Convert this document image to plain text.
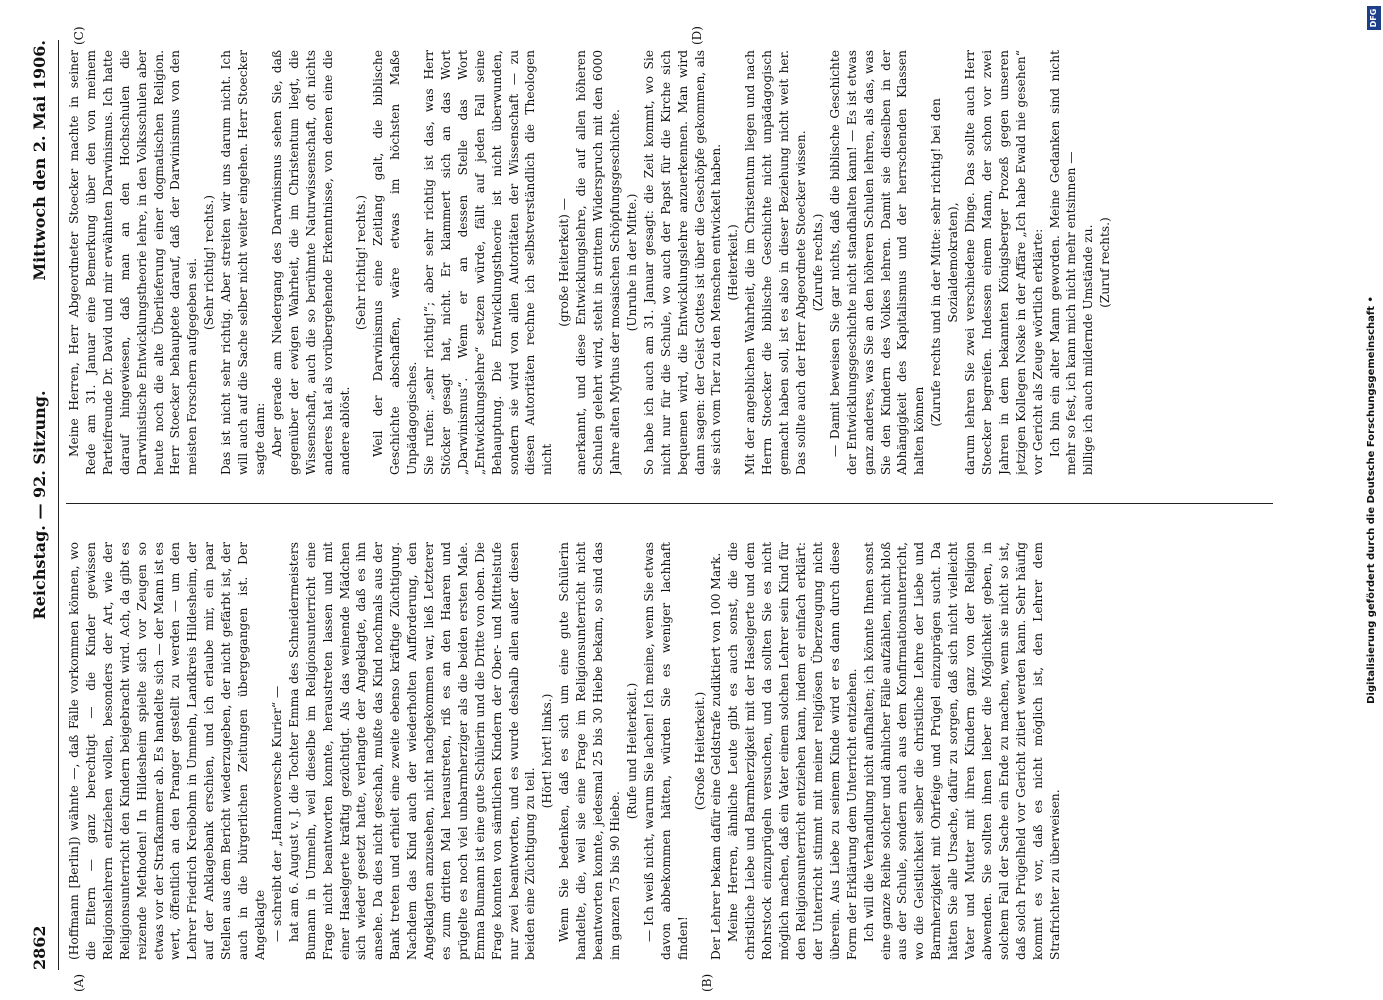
2862
Reichstag. — 92. Sitzung.
Mittwoch den 2. Mai 1906.
(A)	(B)
(C)	(D)

(Hoffmann [Berlin]) wähnte —, daß Fälle vorkommen können, wo die Eltern — ganz berechtigt — die Kinder gewissen Religionslehrern entziehen wollen, besonders der Art, wie der Religionsunterricht den Kindern beigebracht wird. Ach, da gibt es reizende Methoden! In Hildesheim spielte sich vor Zeugen so etwas vor der Strafkammer ab. Es handelte sich — der Mann ist es wert, öffentlich an den Pranger gestellt zu werden — um den Lehrer Friedrich Kreibohm in Ummeln, Landkreis Hildesheim, der auf der Anklagebank erschien, und ich erlaube mir, ein paar Stellen aus dem Bericht wiederzugeben, der nicht gefärbt ist, der auch in die bürgerlichen Zeitungen übergegangen ist. Der Angeklagte — schreibt der „Hannoversche Kurier“ — hat am 6. August v. J. die Tochter Emma des Schneidermeisters Bumann in Ummeln, weil dieselbe im Religionsunterricht eine Frage nicht beantworten konnte, heraustreten lassen und mit einer Haselgerte kräftig gezüchtigt. Als das weinende Mädchen sich wieder gesetzt hatte, verlangte der Angeklagte, daß es ihn ansehe. Da dies nicht geschah, mußte das Kind nochmals aus der Bank treten und erhielt eine zweite ebenso kräftige Züchtigung. Nachdem das Kind auch der wiederholten Aufforderung, den Angeklagten anzusehen, nicht nachgekommen war, ließ Letzterer es zum dritten Mal heraustreten, riß es an den Haaren und prügelte es noch viel unbarmherziger als die beiden ersten Male. Emma Bumann ist eine gute Schülerin und die Dritte von oben. Die Frage konnten von sämtlichen Kindern der Ober- und Mittelstufe nur zwei beantworten, und es wurde deshalb allen außer diesen beiden eine Züchtigung zu teil.

(Hört! hört! links.) Wenn Sie bedenken, daß es sich um eine gute Schülerin handelte, die, weil sie eine Frage im Religionsunterricht nicht beantworten konnte, jedesmal 25 bis 30 Hiebe bekam, so sind das im ganzen 75 bis 90 Hiebe.

(Rufe und Heiterkeit.) — Ich weiß nicht, warum Sie lachen! Ich meine, wenn Sie etwas davon abbekommen hätten, würden Sie es weniger lachhaft finden!

(Große Heiterkeit.) Der Lehrer bekam dafür eine Geldstrafe zudiktiert von 100 Mark. Meine Herren, ähnliche Leute gibt es auch sonst, die die christliche Liebe und Barmherzigkeit mit der Haselgerte und dem Rohrstock einzuprügeln versuchen, und da sollten Sie es nicht möglich machen, daß ein Vater einem solchen Lehrer sein Kind für den Religionsunterricht entziehen kann, indem er einfach erklärt: der Unterricht stimmt mit meiner religiösen Überzeugung nicht überein. Aus Liebe zu seinem Kinde wird er es dann durch diese Form der Erklärung dem Unterricht entziehen. Ich will die Verhandlung nicht aufhalten; ich könnte Ihnen sonst eine ganze Reihe solcher und ähnlicher Fälle aufzählen, nicht bloß aus der Schule, sondern auch aus dem Konfirmationsunterricht, wo die Geistlichkeit selber die christliche Lehre der Liebe und Barmherzigkeit mit Ohrfeige und Prügel einzuprägen sucht. Da hätten Sie alle Ursache, dafür zu sorgen, daß sich nicht vielleicht Vater und Mutter mit ihren Kindern ganz von der Religion abwenden. Sie sollten ihnen lieber die Möglichkeit geben, in solchem Fall der Sache ein Ende zu machen, wenn sie nicht so ist, daß solch Prügelheld vor Gericht zitiert werden kann. Sehr häufig kommt es vor, daß es nicht möglich ist, den Lehrer dem Strafrichter zu überweisen.

Meine Herren, Herr Abgeordneter Stoecker machte in seiner Rede am 31. Januar eine Bemerkung über den von meinem Parteifreunde Dr. David und mir erwähnten Darwinismus. Ich hatte darauf hingewiesen, daß man an den Hochschulen die Darwinistische Entwicklungstheorie lehre, in den Volksschulen aber heute noch die alte Überlieferung einer dogmatischen Religion. Herr Stoecker behauptete darauf, daß der Darwinismus von den meisten Forschern aufgegeben sei. (Sehr richtig! rechts.) Das ist nicht sehr richtig. Aber streiten wir uns darum nicht. Ich will auch auf die Sache selber nicht weiter eingehen. Herr Stoecker sagte dann: Aber gerade am Niedergang des Darwinismus sehen Sie, daß gegenüber der ewigen Wahrheit, die im Christentum liegt, die Wissenschaft, auch die so berühmte Naturwissenschaft, oft nichts anderes hat als vorübergehende Erkenntnisse, von denen eine die andere ablöst.

(Sehr richtig! rechts.) Weil der Darwinismus eine Zeitlang galt, die biblische Geschichte abschaffen, wäre etwas im höchsten Maße Unpädagogisches. Sie rufen: „sehr richtig!“; aber sehr richtig ist das, was Herr Stöcker gesagt hat, nicht. Er klammert sich an das Wort „Darwinismus“. Wenn er an dessen Stelle das Wort „Entwicklungslehre“ setzen würde, fällt auf jeden Fall seine Behauptung. Die Entwicklungstheorie ist nicht überwunden, sondern sie wird von allen Autoritäten der Wissenschaft — zu diesen Autoritäten rechne ich selbstverständlich die Theologen nicht

(große Heiterkeit) — anerkannt, und diese Entwicklungslehre, die auf allen höheren Schulen gelehrt wird, steht in strittem Widerspruch mit den 6000 Jahre alten Mythus der mosaischen Schöpfungsgeschichte. (Unruhe in der Mitte.) So habe ich auch am 31. Januar gesagt: die Zeit kommt, wo Sie nicht nur für die Schule, wo auch der Papst für die Kirche sich bequemen wird, die Entwicklungslehre anzuerkennen. Man wird dann sagen: der Geist Gottes ist über die Geschöpfe gekommen, als sie sich vom Tier zu den Menschen entwickelt haben. (Heiterkeit.) Mit der angeblichen Wahrheit, die im Christentum liegen und nach Herrn Stoecker die biblische Geschichte nicht unpädagogisch gemacht haben soll, ist es also in dieser Beziehung nicht weit her. Das sollte auch der Herr Abgeordnete Stoecker wissen. (Zurufe rechts.) — Damit beweisen Sie gar nichts, daß die biblische Geschichte der Entwicklungsgeschichte nicht standhalten kann! — Es ist etwas ganz anderes, was Sie an den höheren Schulen lehren, als das, was Sie den Kindern des Volkes lehren. Damit sie dieselben in der Abhängigkeit des Kapitalismus und der herrschenden Klassen halten können

(Zurufe rechts und in der Mitte: sehr richtig! bei den Sozialdemokraten), darum lehren Sie zwei verschiedene Dinge. Das sollte auch Herr Stoecker begreifen. Indessen einem Mann, der schon vor zwei Jahren in dem bekannten Königsberger Prozeß gegen unseren jetzigen Kollegen Noske in der Affäre „Ich habe Ewald nie gesehen“ vor Gericht als Zeuge wörtlich erklärte: Ich bin ein alter Mann geworden. Meine Gedanken sind nicht mehr so fest, ich kann mich nicht mehr entsinnen — billige ich auch mildernde Umstände zu. (Zuruf rechts.)

Digitalisierung gefördert durch die Deutsche Forschungsgemeinschaft •
DFG
